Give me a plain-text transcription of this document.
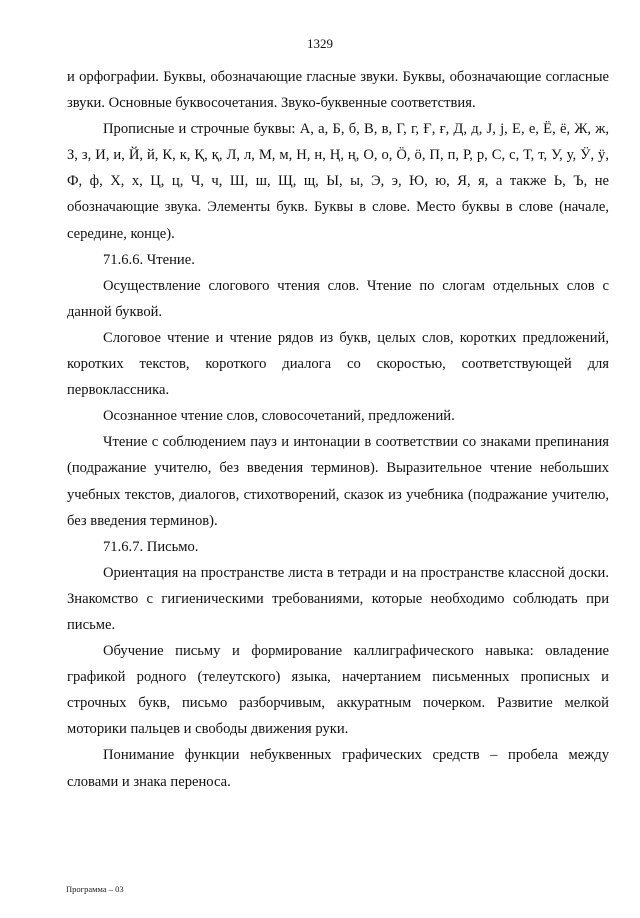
1329

и орфографии. Буквы, обозначающие гласные звуки. Буквы, обозначающие согласные звуки. Основные буквосочетания. Звуко-буквенные соответствия.

Прописные и строчные буквы: А, а, Б, б, В, в, Г, г, Ғ, ғ, Д, д, J, j, Е, е, Ё, ё, Ж, ж, З, з, И, и, Й, й, К, к, Қ, қ, Л, л, М, м, Н, н, Ң, ң, О, о, Ӧ, ӧ, П, п, Р, р, С, с, Т, т, У, у, Ӱ, ӱ, Ф, ф, Х, х, Ц, ц, Ч, ч, Ш, ш, Щ, щ, Ы, ы, Э, э, Ю, ю, Я, я, а также Ь, Ъ, не обозначающие звука. Элементы букв. Буквы в слове. Место буквы в слове (начале, середине, конце).

71.6.6. Чтение.

Осуществление слогового чтения слов. Чтение по слогам отдельных слов с данной буквой.

Слоговое чтение и чтение рядов из букв, целых слов, коротких предложений, коротких текстов, короткого диалога со скоростью, соответствующей для первоклассника.

Осознанное чтение слов, словосочетаний, предложений.

Чтение с соблюдением пауз и интонации в соответствии со знаками препинания (подражание учителю, без введения терминов). Выразительное чтение небольших учебных текстов, диалогов, стихотворений, сказок из учебника (подражание учителю, без введения терминов).

71.6.7. Письмо.

Ориентация на пространстве листа в тетради и на пространстве классной доски. Знакомство с гигиеническими требованиями, которые необходимо соблюдать при письме.

Обучение письму и формирование каллиграфического навыка: овладение графикой родного (телеутского) языка, начертанием письменных прописных и строчных букв, письмо разборчивым, аккуратным почерком. Развитие мелкой моторики пальцев и свободы движения руки.

Понимание функции небуквенных графических средств – пробела между словами и знака переноса.

Программа – 03
